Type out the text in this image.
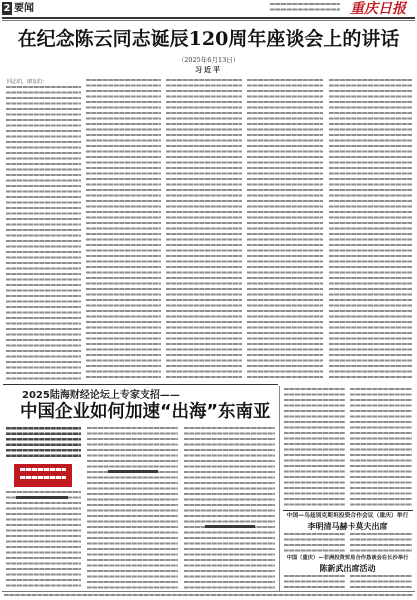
2 要闻	重庆日报
在纪念陈云同志诞辰120周年座谈会上的讲话
（2025年6月13日）
习近平
同志们，朋友们：
2025陆海财经论坛上专家支招——
中国企业如何加速“出海”东南亚
中国—乌兹别克斯坦投资合作会议（重庆）举行
李明清马赫卡莫夫出席
中国（重庆）—非洲投资贸易合作恳谈会在长沙举行
陈新武出席活动
